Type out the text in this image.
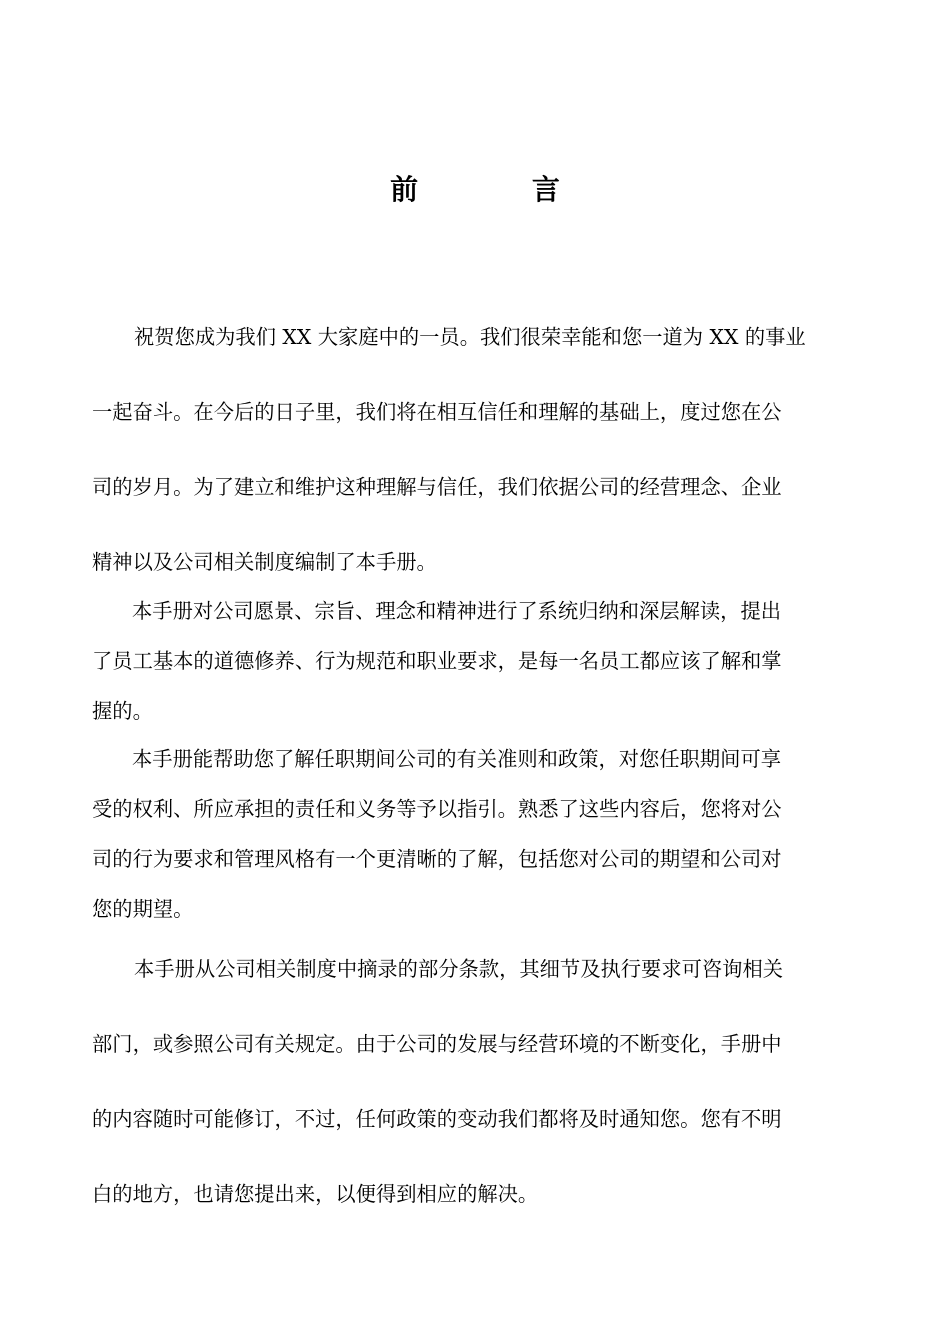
前 言

祝贺您成为我们 XX 大家庭中的一员。我们很荣幸能和您一道为 XX 的事业
一起奋斗。在今后的日子里，我们将在相互信任和理解的基础上，度过您在公
司的岁月。为了建立和维护这种理解与信任，我们依据公司的经营理念、企业
精神以及公司相关制度编制了本手册。

本手册对公司愿景、宗旨、理念和精神进行了系统归纳和深层解读，提出
了员工基本的道德修养、行为规范和职业要求，是每一名员工都应该了解和掌
握的。

本手册能帮助您了解任职期间公司的有关准则和政策，对您任职期间可享
受的权利、所应承担的责任和义务等予以指引。熟悉了这些内容后，您将对公
司的行为要求和管理风格有一个更清晰的了解，包括您对公司的期望和公司对
您的期望。

本手册从公司相关制度中摘录的部分条款，其细节及执行要求可咨询相关
部门，或参照公司有关规定。由于公司的发展与经营环境的不断变化，手册中
的内容随时可能修订，不过，任何政策的变动我们都将及时通知您。您有不明
白的地方，也请您提出来，以便得到相应的解决。
